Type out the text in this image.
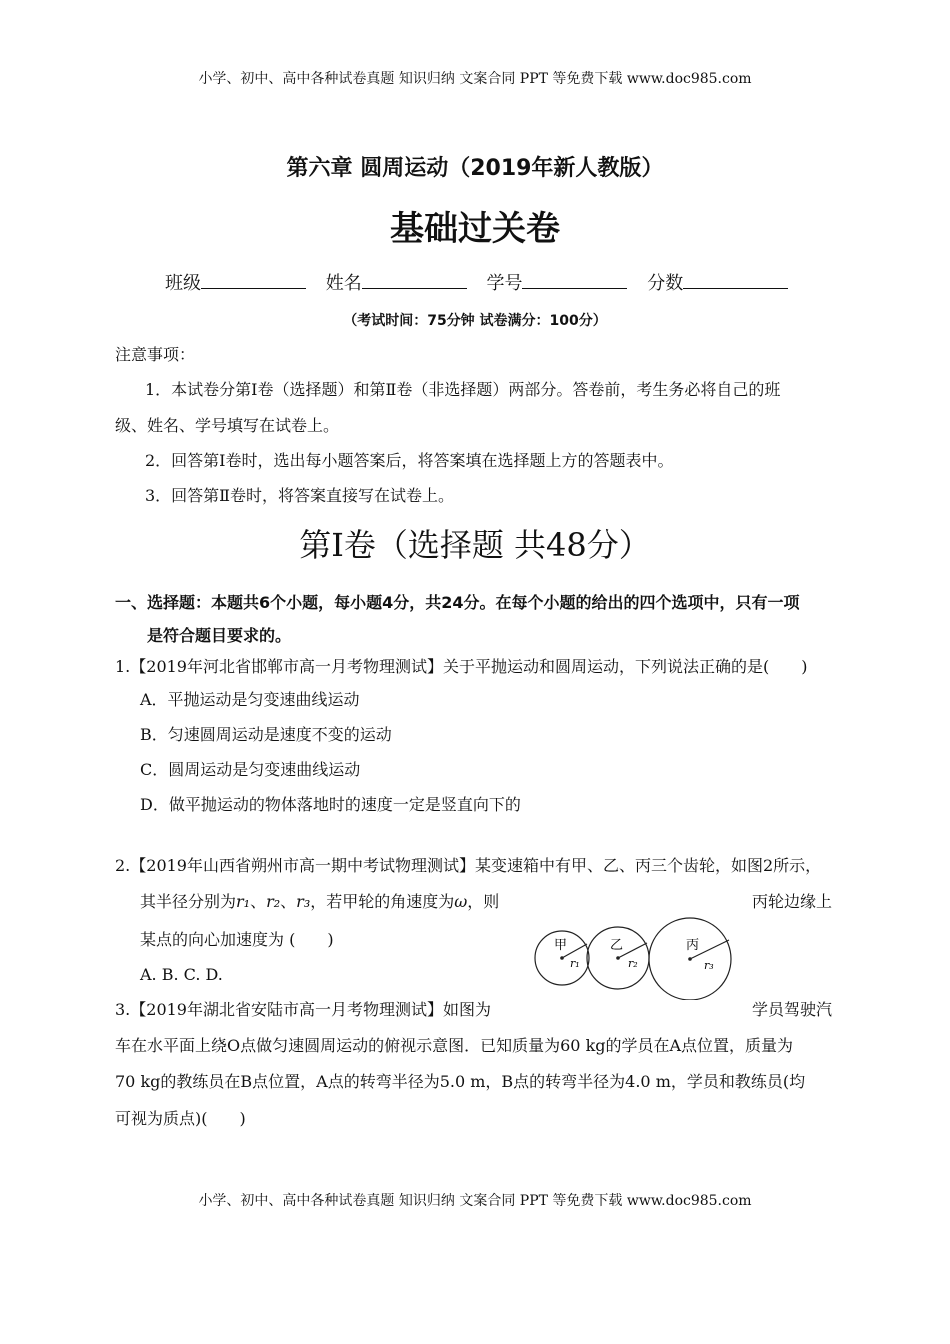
小学、初中、高中各种试卷真题 知识归纳 文案合同 PPT 等免费下载 www.doc985.com
第六章 圆周运动（2019年新人教版）
基础过关卷
班级	姓名	学号	分数
（考试时间：75分钟 试卷满分：100分）
注意事项：
1．本试卷分第Ⅰ卷（选择题）和第Ⅱ卷（非选择题）两部分。答卷前，考生务必将自己的班
级、姓名、学号填写在试卷上。
2．回答第Ⅰ卷时，选出每小题答案后，将答案填在选择题上方的答题表中。
3．回答第Ⅱ卷时，将答案直接写在试卷上。
第Ⅰ卷（选择题 共48分）
一、选择题：本题共6个小题，每小题4分，共24分。在每个小题的给出的四个选项中，只有一项
是符合题目要求的。
1.【2019年河北省邯郸市高一月考物理测试】关于平抛运动和圆周运动，下列说法正确的是(　　)
A．平抛运动是匀变速曲线运动
B．匀速圆周运动是速度不变的运动
C．圆周运动是匀变速曲线运动
D．做平抛运动的物体落地时的速度一定是竖直向下的
2.【2019年山西省朔州市高一期中考试物理测试】某变速箱中有甲、乙、丙三个齿轮，如图2所示，
其半径分别为r₁、r₂、r₃，若甲轮的角速度为ω，则	丙轮边缘上
某点的向心加速度为 (　　)
A. B. C. D.
甲	乙	丙
r₁	r₂	r₃
3.【2019年湖北省安陆市高一月考物理测试】如图为	学员驾驶汽
车在水平面上绕O点做匀速圆周运动的俯视示意图．已知质量为60 kg的学员在A点位置，质量为
70 kg的教练员在B点位置，A点的转弯半径为5.0 m，B点的转弯半径为4.0 m，学员和教练员(均
可视为质点)(　　)
小学、初中、高中各种试卷真题 知识归纳 文案合同 PPT 等免费下载 www.doc985.com
